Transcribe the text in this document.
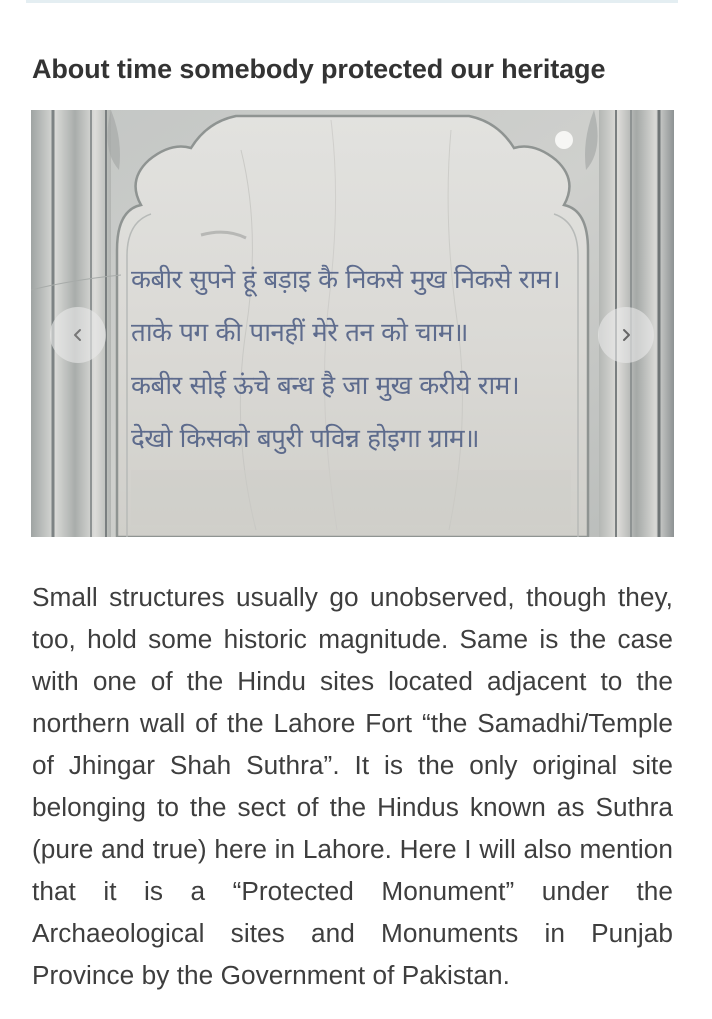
About time somebody protected our heritage
कबीर सुपने हूं बड़ाइ कै निकसे मुख निकसे राम।
ताके पग की पानहीं मेरे तन को चाम॥
कबीर सोई ऊंचे बन्ध है जा मुख करीये राम।
देखो किसको बपुरी पविन्न होइगा ग्राम॥

Small structures usually go unobserved, though they, too, hold some historic magnitude. Same is the case with one of the Hindu sites located adjacent to the northern wall of the Lahore Fort “the Samadhi/Temple of Jhingar Shah Suthra”. It is the only original site belonging to the sect of the Hindus known as Suthra (pure and true) here in Lahore. Here I will also mention that it is a “Protected Monument” under the Archaeological sites and Monuments in Punjab Province by the Government of Pakistan.
